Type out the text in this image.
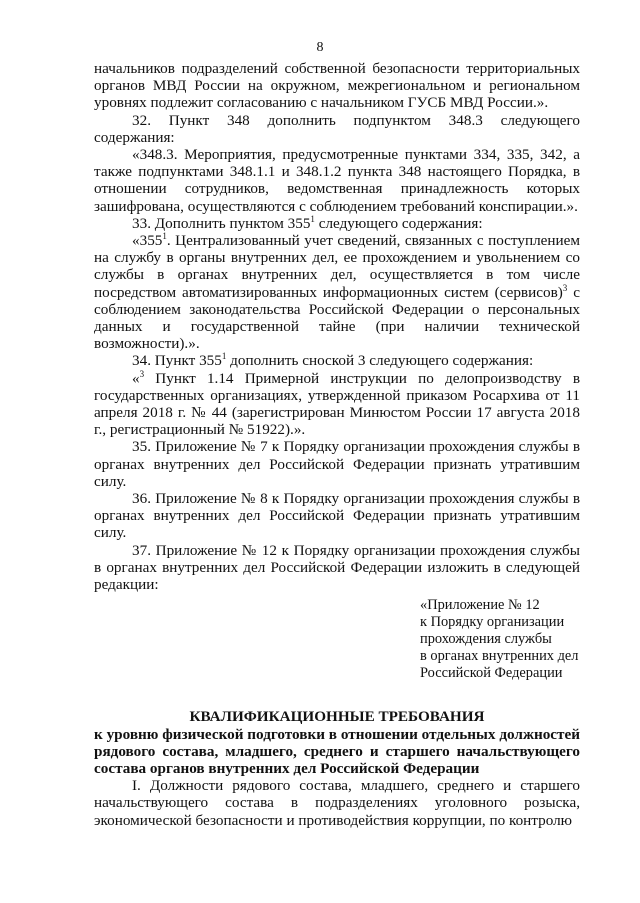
8

начальников подразделений собственной безопасности территориальных органов МВД России на окружном, межрегиональном и региональном уровнях подлежит согласованию с начальником ГУСБ МВД России.».

32. Пункт 348 дополнить подпунктом 348.3 следующего содержания:

«348.3. Мероприятия, предусмотренные пунктами 334, 335, 342, а также подпунктами 348.1.1 и 348.1.2 пункта 348 настоящего Порядка, в отношении сотрудников, ведомственная принадлежность которых зашифрована, осуществляются с соблюдением требований конспирации.».

33. Дополнить пунктом $355^1$ следующего содержания:

«$355^1$. Централизованный учет сведений, связанных с поступлением на службу в органы внутренних дел, ее прохождением и увольнением со службы в органах внутренних дел, осуществляется в том числе посредством автоматизированных информационных систем (сервисов)$^3$ с соблюдением законодательства Российской Федерации о персональных данных и государственной тайне (при наличии технической возможности).».

34. Пункт $355^1$ дополнить сноской 3 следующего содержания:

« $^3$ Пункт 1.14 Примерной инструкции по делопроизводству в государственных организациях, утвержденной приказом Росархива от 11 апреля 2018 г. № 44 (зарегистрирован Минюстом России 17 августа 2018 г., регистрационный № 51922).».

35. Приложение № 7 к Порядку организации прохождения службы в органах внутренних дел Российской Федерации признать утратившим силу.

36. Приложение № 8 к Порядку организации прохождения службы в органах внутренних дел Российской Федерации признать утратившим силу.

37. Приложение № 12 к Порядку организации прохождения службы в органах внутренних дел Российской Федерации изложить в следующей редакции:

«Приложение № 12
к Порядку организации
прохождения службы
в органах внутренних дел
Российской Федерации
КВАЛИФИКАЦИОННЫЕ ТРЕБОВАНИЯ
к уровню физической подготовки в отношении отдельных должностей рядового состава, младшего, среднего и старшего начальствующего состава органов внутренних дел Российской Федерации

I. Должности рядового состава, младшего, среднего и старшего начальствующего состава в подразделениях уголовного розыска, экономической безопасности и противодействия коррупции, по контролю
